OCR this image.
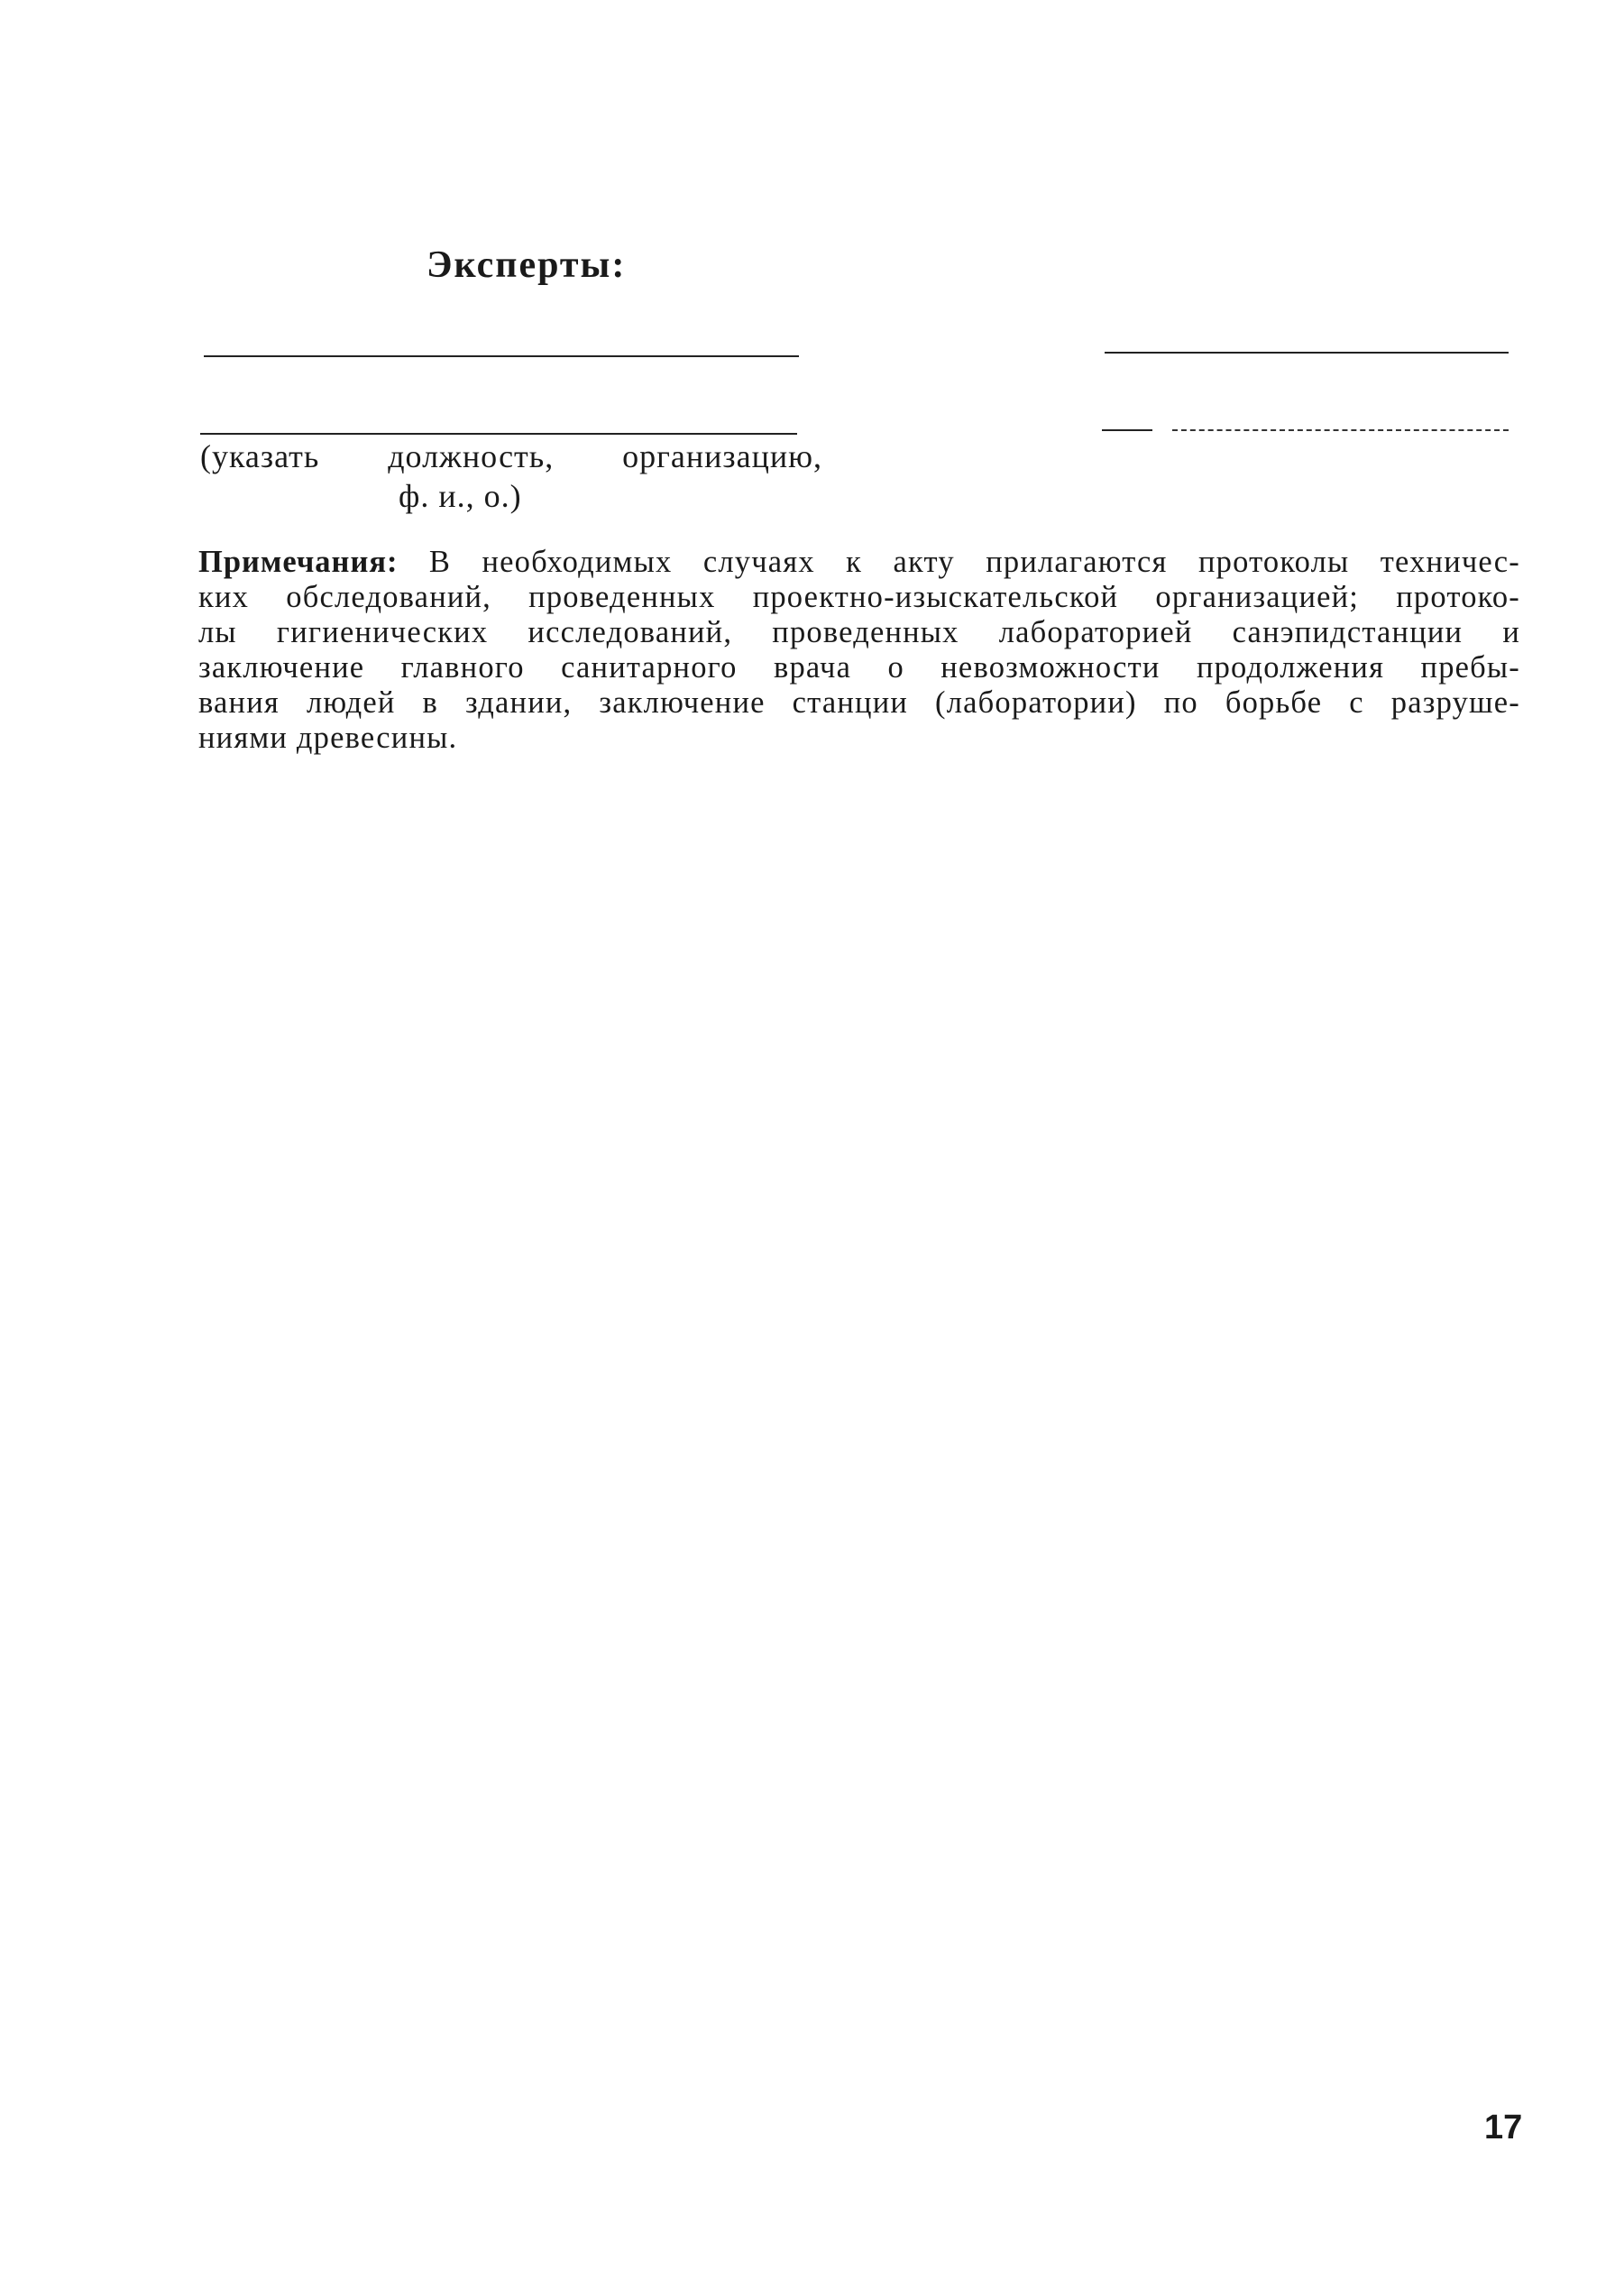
Эксперты:
(указать должность, организацию,
ф. и., о.)
Примечания: В необходимых случаях к акту прилагаются протоколы техничес-
ких обследований, проведенных проектно-изыскательской организацией; протоко-
лы гигиенических исследований, проведенных лабораторией санэпидстанции и
заключение главного санитарного врача о невозможности продолжения пребы-
вания людей в здании, заключение станции (лаборатории) по борьбе с разруше-
ниями древесины.
17
